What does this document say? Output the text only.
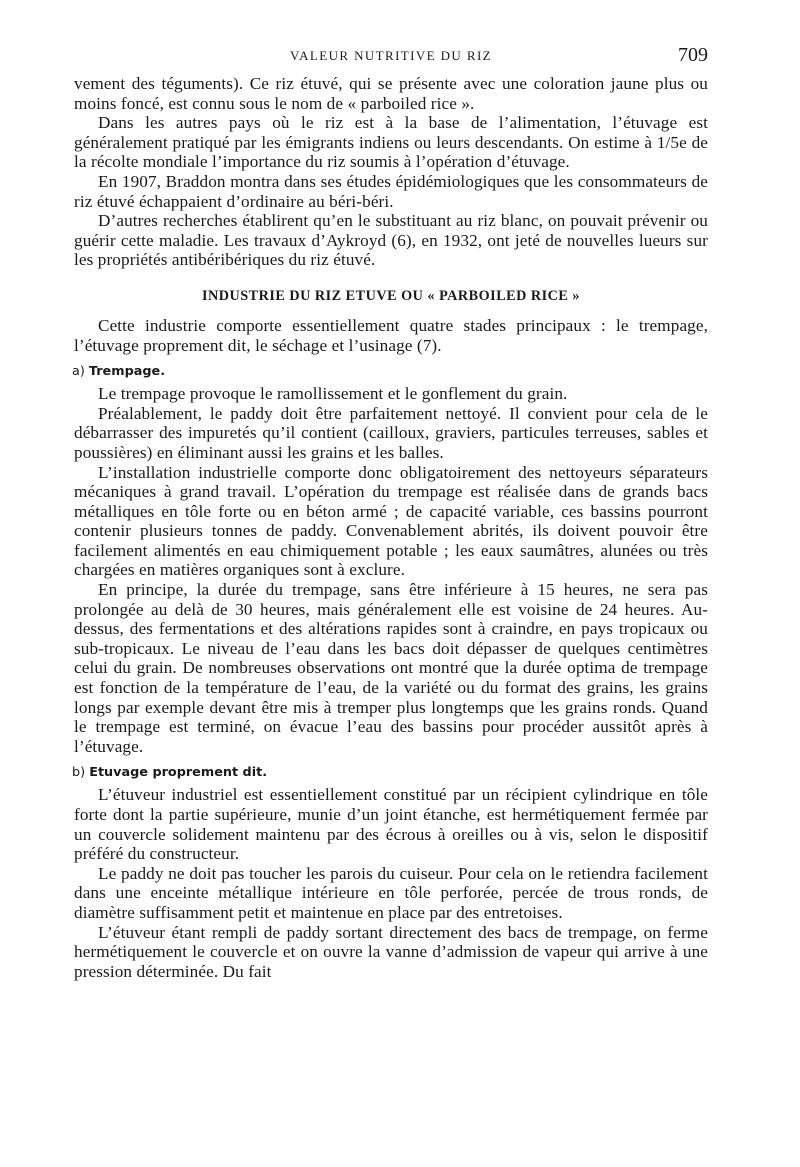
VALEUR NUTRITIVE DU RIZ	709

vement des téguments). Ce riz étuvé, qui se présente avec une coloration jaune plus ou moins foncé, est connu sous le nom de « parboiled rice ».

Dans les autres pays où le riz est à la base de l’alimentation, l’étuvage est généralement pratiqué par les émigrants indiens ou leurs descendants. On estime à 1/5e de la récolte mondiale l’importance du riz soumis à l’opération d’étuvage.

En 1907, Braddon montra dans ses études épidémiologiques que les consommateurs de riz étuvé échappaient d’ordinaire au béri-béri.

D’autres recherches établirent qu’en le substituant au riz blanc, on pouvait prévenir ou guérir cette maladie. Les travaux d’Aykroyd (6), en 1932, ont jeté de nouvelles lueurs sur les propriétés antibéribériques du riz étuvé.

INDUSTRIE DU RIZ ETUVE OU « PARBOILED RICE »

Cette industrie comporte essentiellement quatre stades principaux : le trempage, l’étuvage proprement dit, le séchage et l’usinage (7).

a) Trempage.

Le trempage provoque le ramollissement et le gonflement du grain.

Préalablement, le paddy doit être parfaitement nettoyé. Il convient pour cela de le débarrasser des impuretés qu’il contient (cailloux, graviers, particules terreuses, sables et poussières) en éliminant aussi les grains et les balles.

L’installation industrielle comporte donc obligatoirement des nettoyeurs séparateurs mécaniques à grand travail. L’opération du trempage est réalisée dans de grands bacs métalliques en tôle forte ou en béton armé ; de capacité variable, ces bassins pourront contenir plusieurs tonnes de paddy. Convenablement abrités, ils doivent pouvoir être facilement alimentés en eau chimiquement potable ; les eaux saumâtres, alunées ou très chargées en matières organiques sont à exclure.

En principe, la durée du trempage, sans être inférieure à 15 heures, ne sera pas prolongée au delà de 30 heures, mais généralement elle est voisine de 24 heures. Au-dessus, des fermentations et des altérations rapides sont à craindre, en pays tropicaux ou sub-tropicaux. Le niveau de l’eau dans les bacs doit dépasser de quelques centimètres celui du grain. De nombreuses observations ont montré que la durée optima de trempage est fonction de la température de l’eau, de la variété ou du format des grains, les grains longs par exemple devant être mis à tremper plus longtemps que les grains ronds. Quand le trempage est terminé, on évacue l’eau des bassins pour procéder aussitôt après à l’étuvage.

b) Etuvage proprement dit.

L’étuveur industriel est essentiellement constitué par un récipient cylindrique en tôle forte dont la partie supérieure, munie d’un joint étanche, est hermétiquement fermée par un couvercle solidement maintenu par des écrous à oreilles ou à vis, selon le dispositif préféré du constructeur.

Le paddy ne doit pas toucher les parois du cuiseur. Pour cela on le retiendra facilement dans une enceinte métallique intérieure en tôle perforée, percée de trous ronds, de diamètre suffisamment petit et maintenue en place par des entretoises.

L’étuveur étant rempli de paddy sortant directement des bacs de trempage, on ferme hermétiquement le couvercle et on ouvre la vanne d’admission de vapeur qui arrive à une pression déterminée. Du fait
